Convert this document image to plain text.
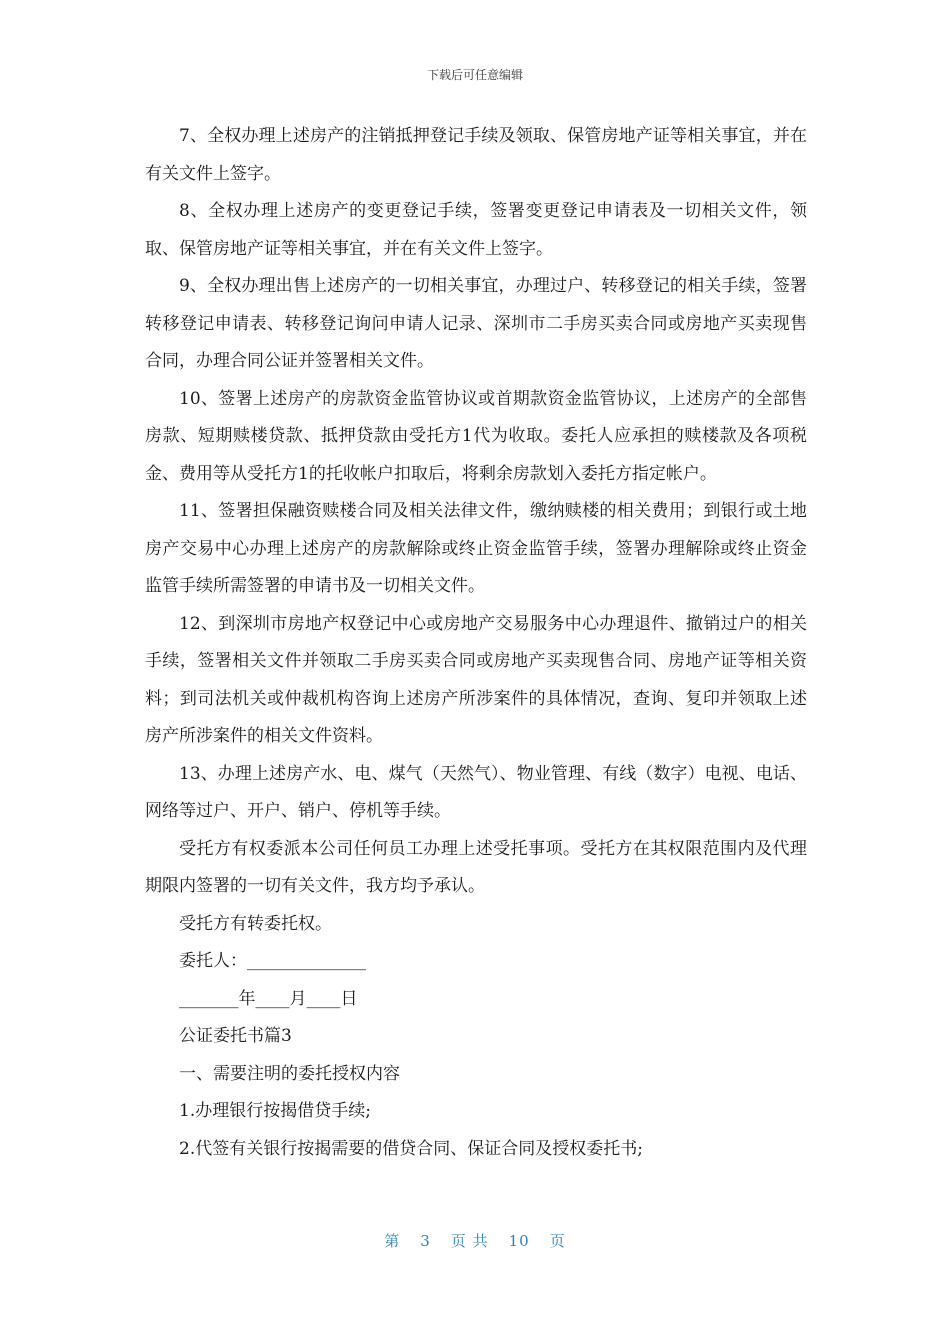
下载后可任意编辑

7、全权办理上述房产的注销抵押登记手续及领取、保管房地产证等相关事宜，并在有关文件上签字。

8、全权办理上述房产的变更登记手续，签署变更登记申请表及一切相关文件，领取、保管房地产证等相关事宜，并在有关文件上签字。

9、全权办理出售上述房产的一切相关事宜，办理过户、转移登记的相关手续，签署转移登记申请表、转移登记询问申请人记录、深圳市二手房买卖合同或房地产买卖现售合同，办理合同公证并签署相关文件。

10、签署上述房产的房款资金监管协议或首期款资金监管协议，上述房产的全部售房款、短期赎楼贷款、抵押贷款由受托方1代为收取。委托人应承担的赎楼款及各项税金、费用等从受托方1的托收帐户扣取后，将剩余房款划入委托方指定帐户。

11、签署担保融资赎楼合同及相关法律文件，缴纳赎楼的相关费用；到银行或土地房产交易中心办理上述房产的房款解除或终止资金监管手续，签署办理解除或终止资金监管手续所需签署的申请书及一切相关文件。

12、到深圳市房地产权登记中心或房地产交易服务中心办理退件、撤销过户的相关手续，签署相关文件并领取二手房买卖合同或房地产买卖现售合同、房地产证等相关资料；到司法机关或仲裁机构咨询上述房产所涉案件的具体情况，查询、复印并领取上述房产所涉案件的相关文件资料。

13、办理上述房产水、电、煤气（天然气）、物业管理、有线（数字）电视、电话、网络等过户、开户、销户、停机等手续。

受托方有权委派本公司任何员工办理上述受托事项。受托方在其权限范围内及代理期限内签署的一切有关文件，我方均予承认。

受托方有转委托权。

委托人：______________

_______年____月____日

公证委托书篇3

一、需要注明的委托授权内容

1.办理银行按揭借贷手续;

2.代签有关银行按揭需要的借贷合同、保证合同及授权委托书;

第 3 页 共 10 页
